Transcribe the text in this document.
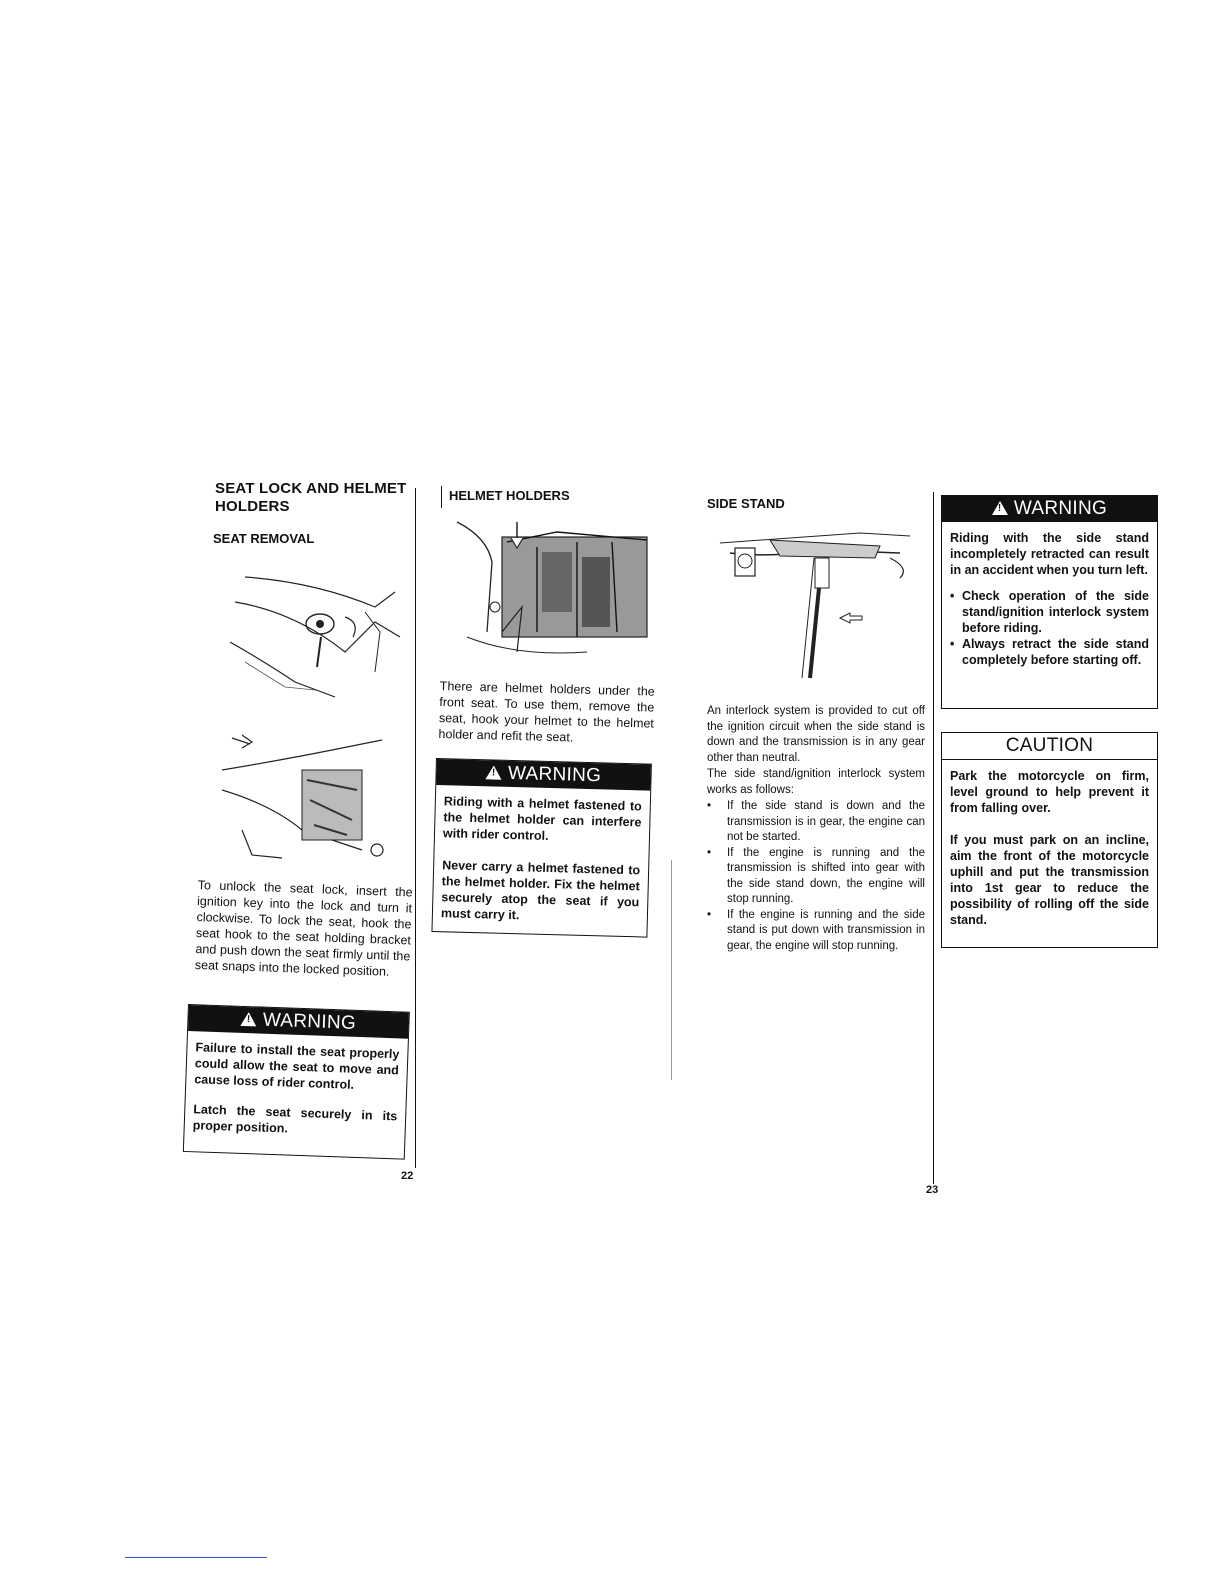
SEAT LOCK AND HELMET HOLDERS
SEAT REMOVAL
To unlock the seat lock, insert the ignition key into the lock and turn it clockwise. To lock the seat, hook the seat hook to the seat holding bracket and push down the seat firmly until the seat snaps into the locked position.
!WARNING
Failure to install the seat properly could allow the seat to move and cause loss of rider control.
Latch the seat securely in its proper position.
22
HELMET HOLDERS
There are helmet holders under the front seat. To use them, remove the seat, hook your helmet to the helmet holder and refit the seat.
!WARNING
Riding with a helmet fastened to the helmet holder can interfere with rider control.
Never carry a helmet fastened to the helmet holder. Fix the helmet securely atop the seat if you must carry it.
SIDE STAND
An interlock system is provided to cut off the ignition circuit when the side stand is down and the transmission is in any gear other than neutral.
The side stand/ignition interlock system works as follows:
• If the side stand is down and the transmission is in gear, the engine can not be started.
• If the engine is running and the transmission is shifted into gear with the side stand down, the engine will stop running.
• If the engine is running and the side stand is put down with transmission in gear, the engine will stop running.
23
!WARNING
Riding with the side stand incompletely retracted can result in an accident when you turn left.
• Check operation of the side stand/ignition interlock system before riding.
• Always retract the side stand completely before starting off.
CAUTION
Park the motorcycle on firm, level ground to help prevent it from falling over.
If you must park on an incline, aim the front of the motorcycle uphill and put the transmission into 1st gear to reduce the possibility of rolling off the side stand.
